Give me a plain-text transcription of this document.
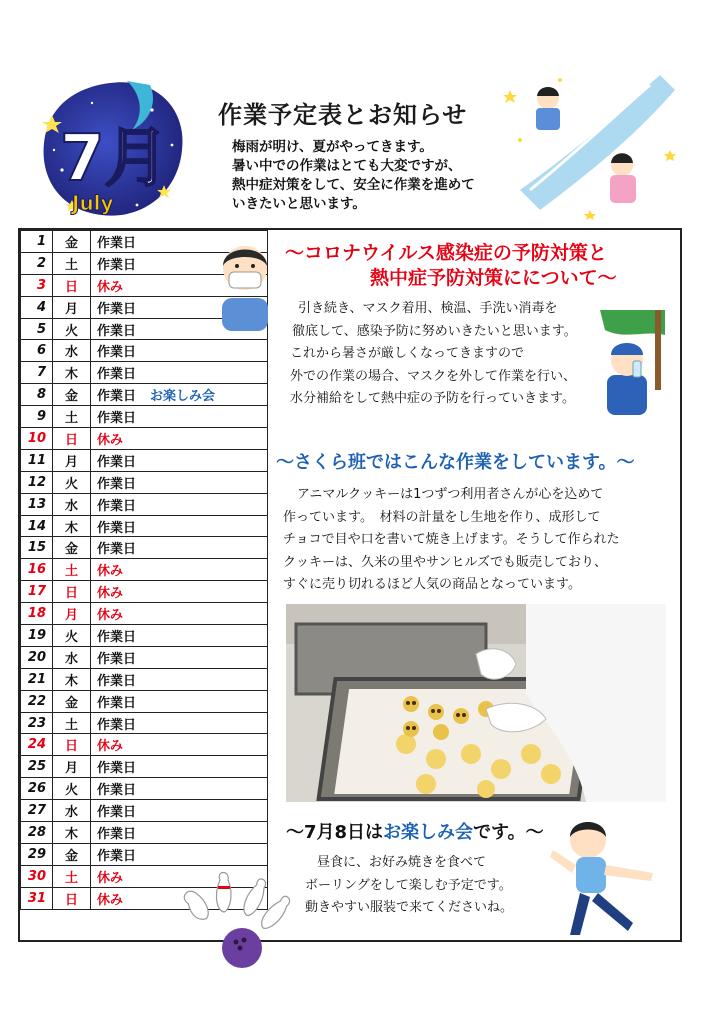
7月
July
作業予定表とお知らせ
梅雨が明け、夏がやってきます。
暑い中での作業はとても大変ですが、
熱中症対策をして、安全に作業を進めて
いきたいと思います。
1	金	作業日
2	土	作業日
3	日	休み
4	月	作業日
5	火	作業日
6	水	作業日
7	木	作業日
8	金	作業日 お楽しみ会
9	土	作業日
10	日	休み
11	月	作業日
12	火	作業日
13	水	作業日
14	木	作業日
15	金	作業日
16	土	休み
17	日	休み
18	月	休み
19	火	作業日
20	水	作業日
21	木	作業日
22	金	作業日
23	土	作業日
24	日	休み
25	月	作業日
26	火	作業日
27	水	作業日
28	木	作業日
29	金	作業日
30	土	休み
31	日	休み
～コロナウイルス感染症の予防対策と
熱中症予防対策にについて～
引き続き、マスク着用、検温、手洗い消毒を
徹底して、感染予防に努めいきたいと思います。
これから暑さが厳しくなってきますので
外での作業の場合、マスクを外して作業を行い、
水分補給をして熱中症の予防を行っていきます。
～さくら班ではこんな作業をしています。～
アニマルクッキーは1つずつ利用者さんが心を込めて
作っています。　材料の計量をし生地を作り、成形して
チョコで目や口を書いて焼き上げます。そうして作られた
クッキーは、久米の里やサンヒルズでも販売しており、
すぐに売り切れるほど人気の商品となっています。
～7月8日はお楽しみ会です。～
昼食に、お好み焼きを食べて
ボーリングをして楽しむ予定です。
動きやすい服装で来てくださいね。
